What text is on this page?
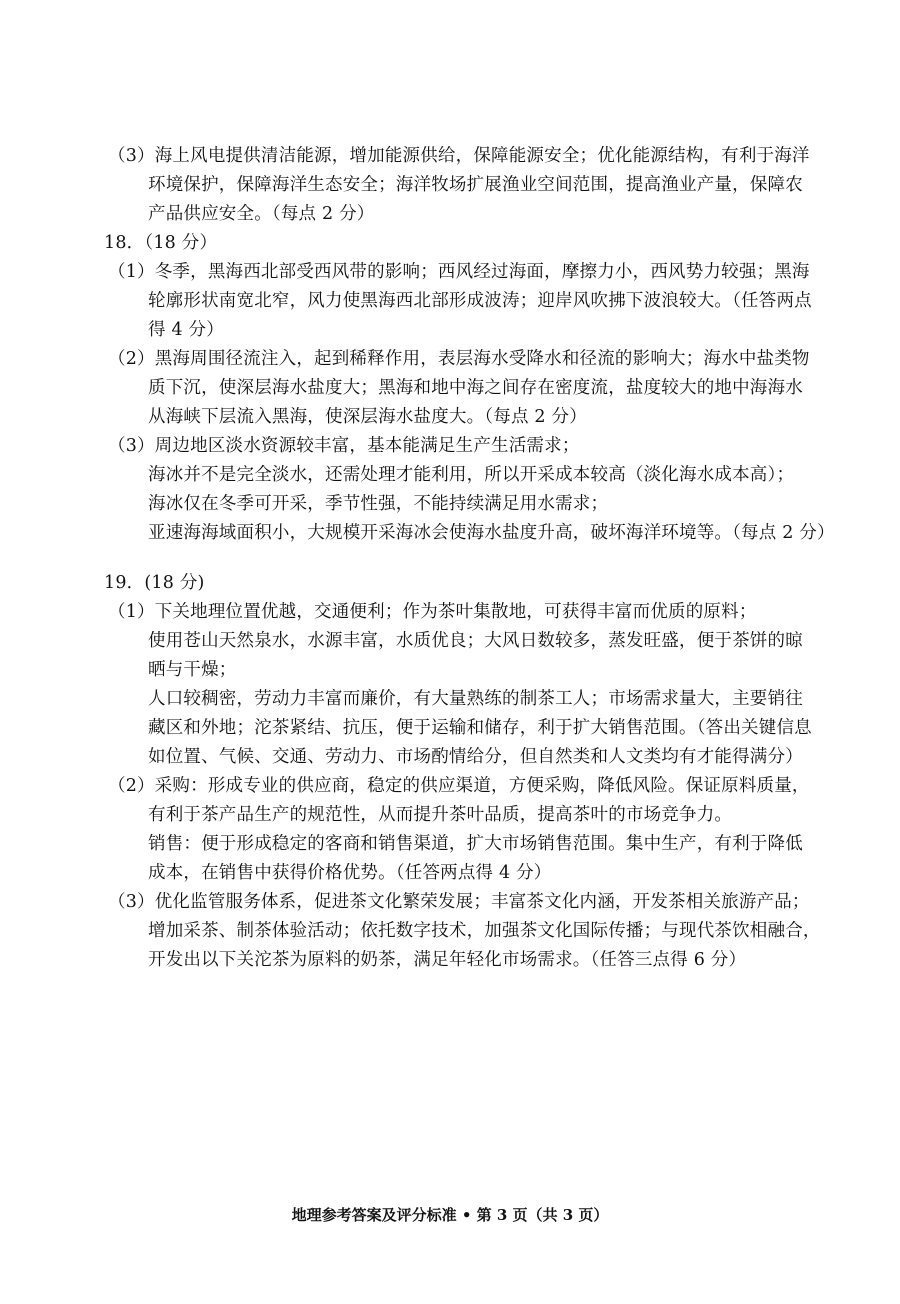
（3）海上风电提供清洁能源，增加能源供给，保障能源安全；优化能源结构，有利于海洋
环境保护，保障海洋生态安全；海洋牧场扩展渔业空间范围，提高渔业产量，保障农
产品供应安全。（每点 2 分）
18．（18 分）
（1）冬季，黑海西北部受西风带的影响；西风经过海面，摩擦力小，西风势力较强；黑海
轮廓形状南宽北窄，风力使黑海西北部形成波涛；迎岸风吹拂下波浪较大。（任答两点
得 4 分）
（2）黑海周围径流注入，起到稀释作用，表层海水受降水和径流的影响大；海水中盐类物
质下沉，使深层海水盐度大；黑海和地中海之间存在密度流，盐度较大的地中海海水
从海峡下层流入黑海，使深层海水盐度大。（每点 2 分）
（3）周边地区淡水资源较丰富，基本能满足生产生活需求；
海冰并不是完全淡水，还需处理才能利用，所以开采成本较高（淡化海水成本高）；
海冰仅在冬季可开采，季节性强，不能持续满足用水需求；
亚速海海域面积小，大规模开采海冰会使海水盐度升高，破坏海洋环境等。（每点 2 分）
19．(18 分)
（1）下关地理位置优越，交通便利；作为茶叶集散地，可获得丰富而优质的原料；
使用苍山天然泉水，水源丰富，水质优良；大风日数较多，蒸发旺盛，便于茶饼的晾
晒与干燥；
人口较稠密，劳动力丰富而廉价，有大量熟练的制茶工人；市场需求量大，主要销往
藏区和外地；沱茶紧结、抗压，便于运输和储存，利于扩大销售范围。（答出关键信息
如位置、气候、交通、劳动力、市场酌情给分，但自然类和人文类均有才能得满分）
（2）采购：形成专业的供应商，稳定的供应渠道，方便采购，降低风险。保证原料质量，
有利于茶产品生产的规范性，从而提升茶叶品质，提高茶叶的市场竞争力。
销售：便于形成稳定的客商和销售渠道，扩大市场销售范围。集中生产，有利于降低
成本，在销售中获得价格优势。（任答两点得 4 分）
（3）优化监管服务体系，促进茶文化繁荣发展；丰富茶文化内涵，开发茶相关旅游产品；
增加采茶、制茶体验活动；依托数字技术，加强茶文化国际传播；与现代茶饮相融合，
开发出以下关沱茶为原料的奶茶，满足年轻化市场需求。（任答三点得 6 分）
地理参考答案及评分标准 • 第 3 页（共 3 页）
